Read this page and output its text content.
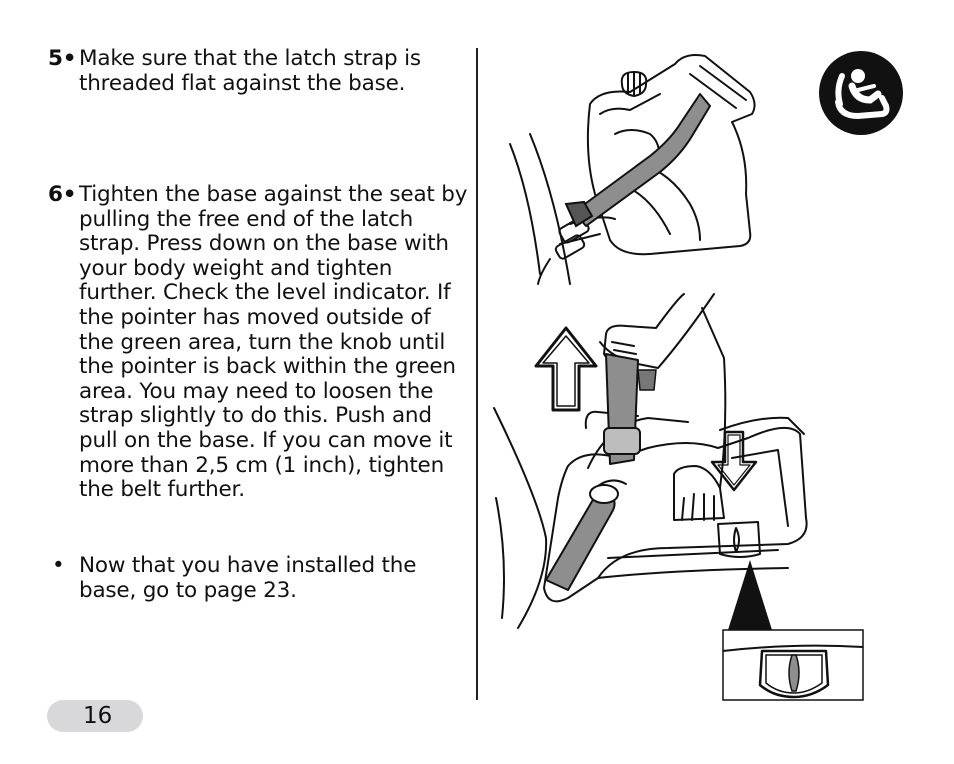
5• Make sure that the latch strap is threaded flat against the base.
6• Tighten the base against the seat by pulling the free end of the latch strap. Press down on the base with your body weight and tighten further. Check the level indicator. If the pointer has moved outside of the green area, turn the knob until the pointer is back within the green area. You may need to loosen the strap slightly to do this. Push and pull on the base. If you can move it more than 2,5 cm (1 inch), tighten the belt further.
• Now that you have installed the base, go to page 23.
16
